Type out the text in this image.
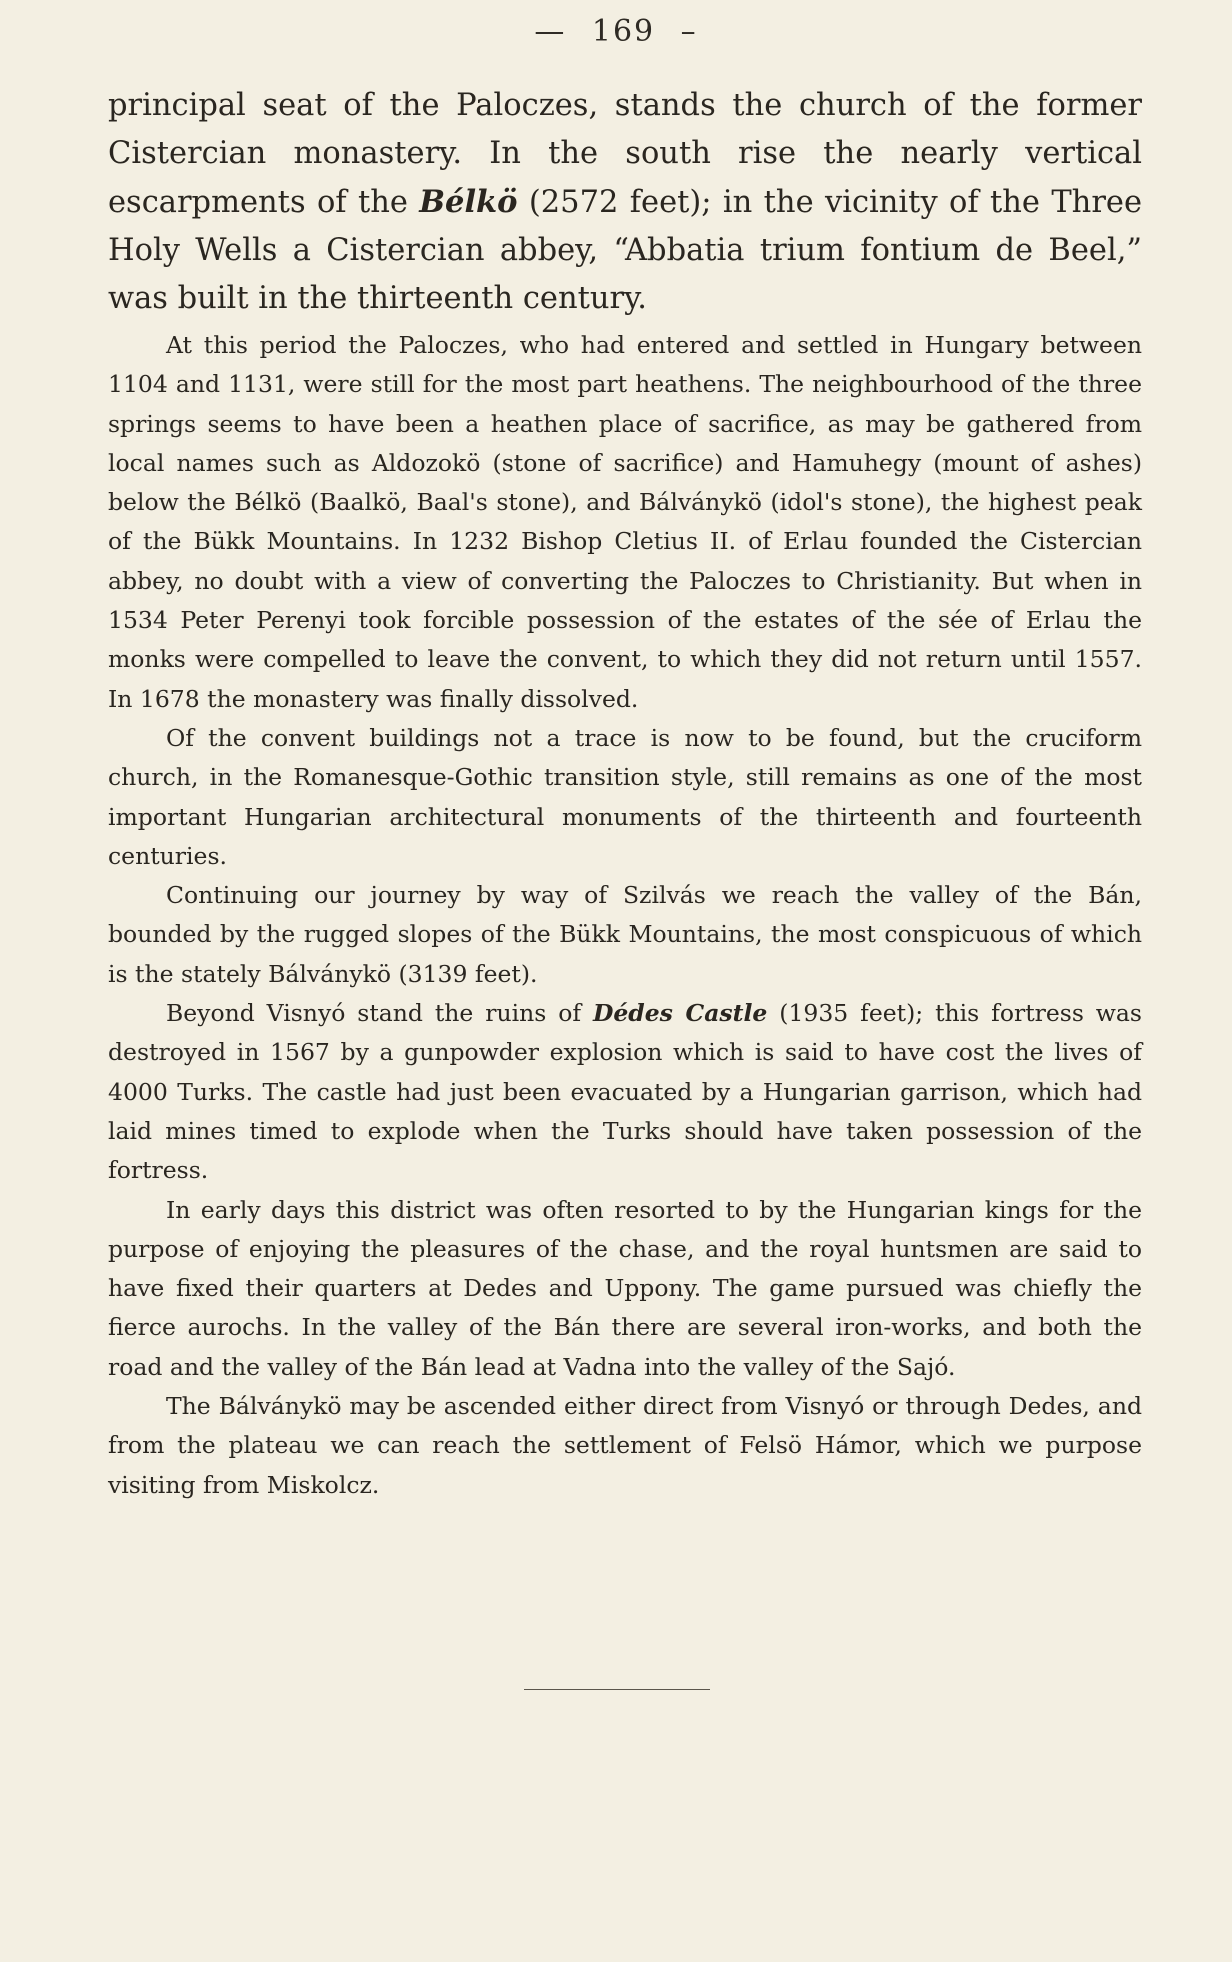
— 169 –

principal seat of the Paloczes, stands the church of the former Cistercian monastery. In the south rise the nearly vertical escarpments of the Bélkö (2572 feet); in the vicinity of the Three Holy Wells a Cistercian abbey, “Abbatia trium fontium de Beel,” was built in the thirteenth century.

At this period the Paloczes, who had entered and settled in Hungary between 1104 and 1131, were still for the most part heathens. The neighbourhood of the three springs seems to have been a heathen place of sacrifice, as may be gathered from local names such as Aldozokö (stone of sacrifice) and Hamuhegy (mount of ashes) below the Bélkö (Baalkö, Baal's stone), and Bálványkö (idol's stone), the highest peak of the Bükk Mountains. In 1232 Bishop Cletius II. of Erlau founded the Cistercian abbey, no doubt with a view of converting the Paloczes to Christianity. But when in 1534 Peter Perenyi took forcible possession of the estates of the sée of Erlau the monks were compelled to leave the convent, to which they did not return until 1557. In 1678 the monastery was finally dissolved.

Of the convent buildings not a trace is now to be found, but the cruciform church, in the Romanesque-Gothic transition style, still remains as one of the most important Hungarian architectural monuments of the thirteenth and fourteenth centuries.

Continuing our journey by way of Szilvás we reach the valley of the Bán, bounded by the rugged slopes of the Bükk Mountains, the most conspicuous of which is the stately Bálványkö (3139 feet).

Beyond Visnyó stand the ruins of Dédes Castle (1935 feet); this fortress was destroyed in 1567 by a gunpowder explosion which is said to have cost the lives of 4000 Turks. The castle had just been evacuated by a Hungarian garrison, which had laid mines timed to explode when the Turks should have taken possession of the fortress.

In early days this district was often resorted to by the Hungarian kings for the purpose of enjoying the pleasures of the chase, and the royal huntsmen are said to have fixed their quarters at Dedes and Uppony. The game pursued was chiefly the fierce aurochs. In the valley of the Bán there are several iron-works, and both the road and the valley of the Bán lead at Vadna into the valley of the Sajó.

The Bálványkö may be ascended either direct from Visnyó or through Dedes, and from the plateau we can reach the settlement of Felsö Hámor, which we purpose visiting from Miskolcz.
